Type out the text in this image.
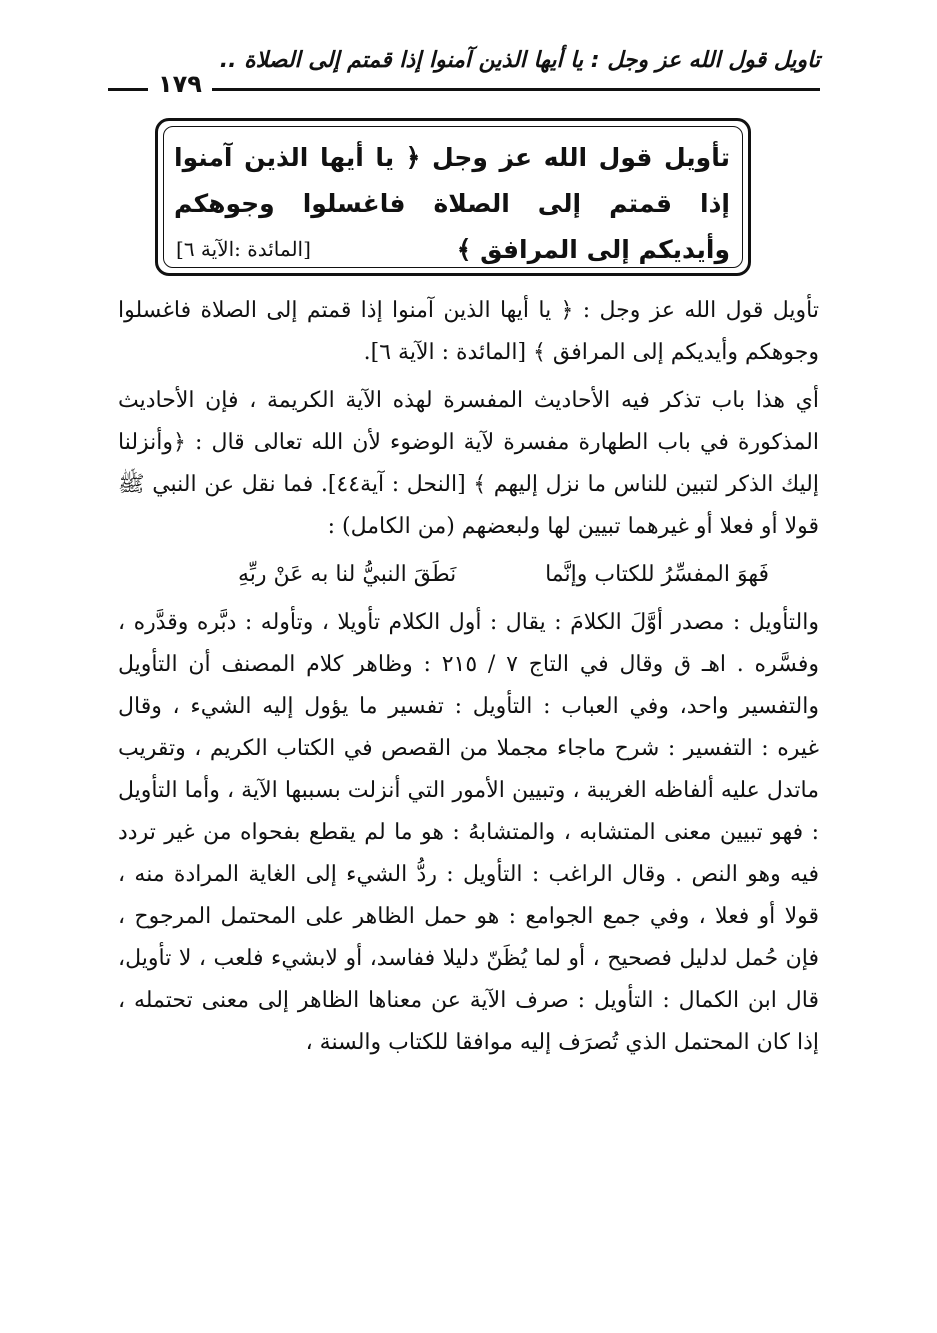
تاويل قول الله عز وجل : يا أيها الذين آمنوا إذا قمتم إلى الصلاة ..
١٧٩
تأويل قول الله عز وجل ﴿ يا أيها الذين آمنوا إذا قمتم إلى الصلاة فاغسلوا وجوهكم وأيديكم إلى المرافق ﴾
[المائدة :الآية ٦]

تأويل قول الله عز وجل : ﴿ يا أيها الذين آمنوا إذا قمتم إلى الصلاة فاغسلوا وجوهكم وأيديكم إلى المرافق ﴾ [المائدة : الآية ٦].

أي هذا باب تذكر فيه الأحاديث المفسرة لهذه الآية الكريمة ، فإن الأحاديث المذكورة في باب الطهارة مفسرة لآية الوضوء لأن الله تعالى قال : ﴿وأنزلنا إليك الذكر لتبين للناس ما نزل إليهم ﴾ [النحل : آية٤٤]. فما نقل عن النبي ﷺ قولا أو فعلا أو غيرهما تبيين لها ولبعضهم (من الكامل) :

فَهوَ المفسِّرُ للكتاب وإنَّما
نَطَقَ النبيُّ لنا به عَنْ ربِّهِ

والتأويل : مصدر أوَّلَ الكلامَ : يقال : أول الكلام تأويلا ، وتأوله : دبَّره وقدَّره ، وفسَّره . اهـ ق وقال في التاج ٧ / ٢١٥ : وظاهر كلام المصنف أن التأويل والتفسير واحد، وفي العباب : التأويل : تفسير ما يؤول إليه الشيء ، وقال غيره : التفسير : شرح ماجاء مجملا من القصص في الكتاب الكريم ، وتقريب ماتدل عليه ألفاظه الغريبة ، وتبيين الأمور التي أنزلت بسببها الآية ، وأما التأويل : فهو تبيين معنى المتشابه ، والمتشابهُ : هو ما لم يقطع بفحواه من غير تردد فيه وهو النص . وقال الراغب : التأويل : ردُّ الشيء إلى الغاية المرادة منه ، قولا أو فعلا ، وفي جمع الجوامع : هو حمل الظاهر على المحتمل المرجوح ، فإن حُمل لدليل فصحيح ، أو لما يُظَنّ دليلا ففاسد، أو لابشيء فلعب ، لا تأويل، قال ابن الكمال : التأويل : صرف الآية عن معناها الظاهر إلى معنى تحتمله ، إذا كان المحتمل الذي تُصرَف إليه موافقا للكتاب والسنة ،
